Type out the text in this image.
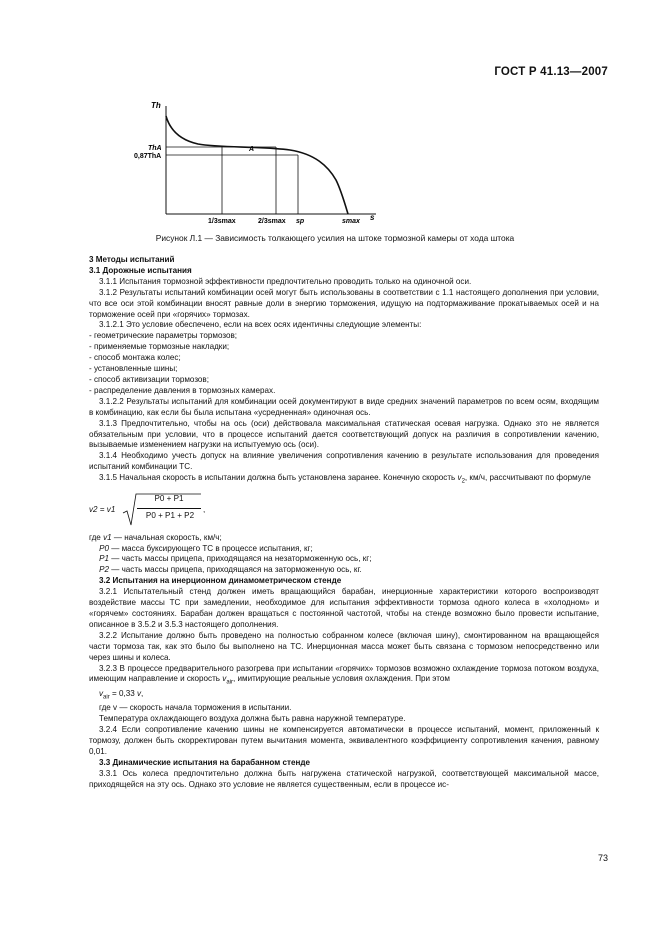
ГОСТ Р 41.13—2007
Th
ThA
0,87ThA
A
1/3smax	2/3smax sp	smax s
Рисунок Л.1 — Зависимость толкающего усилия на штоке тормозной камеры от хода штока

3 Методы испытаний

3.1 Дорожные испытания

3.1.1 Испытания тормозной эффективности предпочтительно проводить только на одиночной оси.

3.1.2 Результаты испытаний комбинации осей могут быть использованы в соответствии с 1.1 настоящего дополнения при условии, что все оси этой комбинации вносят равные доли в энергию торможения, идущую на подтормаживание прокатываемых осей и на торможение осей при «горячих» тормозах.

3.1.2.1 Это условие обеспечено, если на всех осях идентичны следующие элементы:

- геометрические параметры тормозов;

- применяемые тормозные накладки;

- способ монтажа колес;

- установленные шины;

- способ активизации тормозов;

- распределение давления в тормозных камерах.

3.1.2.2 Результаты испытаний для комбинации осей документируют в виде средних значений параметров по всем осям, входящим в комбинацию, как если бы была испытана «усредненная» одиночная ось.

3.1.3 Предпочтительно, чтобы на ось (оси) действовала максимальная статическая осевая нагрузка. Однако это не является обязательным при условии, что в процессе испытаний дается соответствующий допуск на различия в сопротивлении качению, вызываемые изменением нагрузки на испытуемую ось (оси).

3.1.4 Необходимо учесть допуск на влияние увеличения сопротивления качению в результате использования для проведения испытаний комбинации ТС.

3.1.5 Начальная скорость в испытании должна быть установлена заранее. Конечную скорость $v_2$, км/ч, рассчитывают по формуле

v2 = v1
P0 + P1
P0 + P1 + P2
,
где v1 — начальная скорость, км/ч;
P0 — масса буксирующего ТС в процессе испытания, кг;
P1 — часть массы прицепа, приходящаяся на незаторможенную ось, кг;
P2 — часть массы прицепа, приходящаяся на заторможенную ось, кг.

3.2 Испытания на инерционном динамометрическом стенде

3.2.1 Испытательный стенд должен иметь вращающийся барабан, инерционные характеристики которого воспроизводят воздействие массы ТС при замедлении, необходимое для испытания эффективности тормоза одного колеса в «холодном» и «горячем» состояниях. Барабан должен вращаться с постоянной частотой, чтобы на стенде возможно было провести испытание, описанное в 3.5.2 и 3.5.3 настоящего дополнения.

3.2.2 Испытание должно быть проведено на полностью собранном колесе (включая шину), смонтированном на вращающейся части тормоза так, как это было бы выполнено на ТС. Инерционная масса может быть связана с тормозом непосредственно или через шины и колеса.

3.2.3 В процессе предварительного разогрева при испытании «горячих» тормозов возможно охлаждение тормоза потоком воздуха, имеющим направление и скорость $v_{air}$, имитирующие реальные условия охлаждения. При этом

$v_{air} = 0,33$ v,

где v — скорость начала торможения в испытании.

Температура охлаждающего воздуха должна быть равна наружной температуре.

3.2.4 Если сопротивление качению шины не компенсируется автоматически в процессе испытаний, момент, приложенный к тормозу, должен быть скорректирован путем вычитания момента, эквивалентного коэффициенту сопротивления качения, равному 0,01.

3.3 Динамические испытания на барабанном стенде

3.3.1 Ось колеса предпочтительно должна быть нагружена статической нагрузкой, соответствующей максимальной массе, приходящейся на эту ось. Однако это условие не является существенным, если в процессе ис-

73
